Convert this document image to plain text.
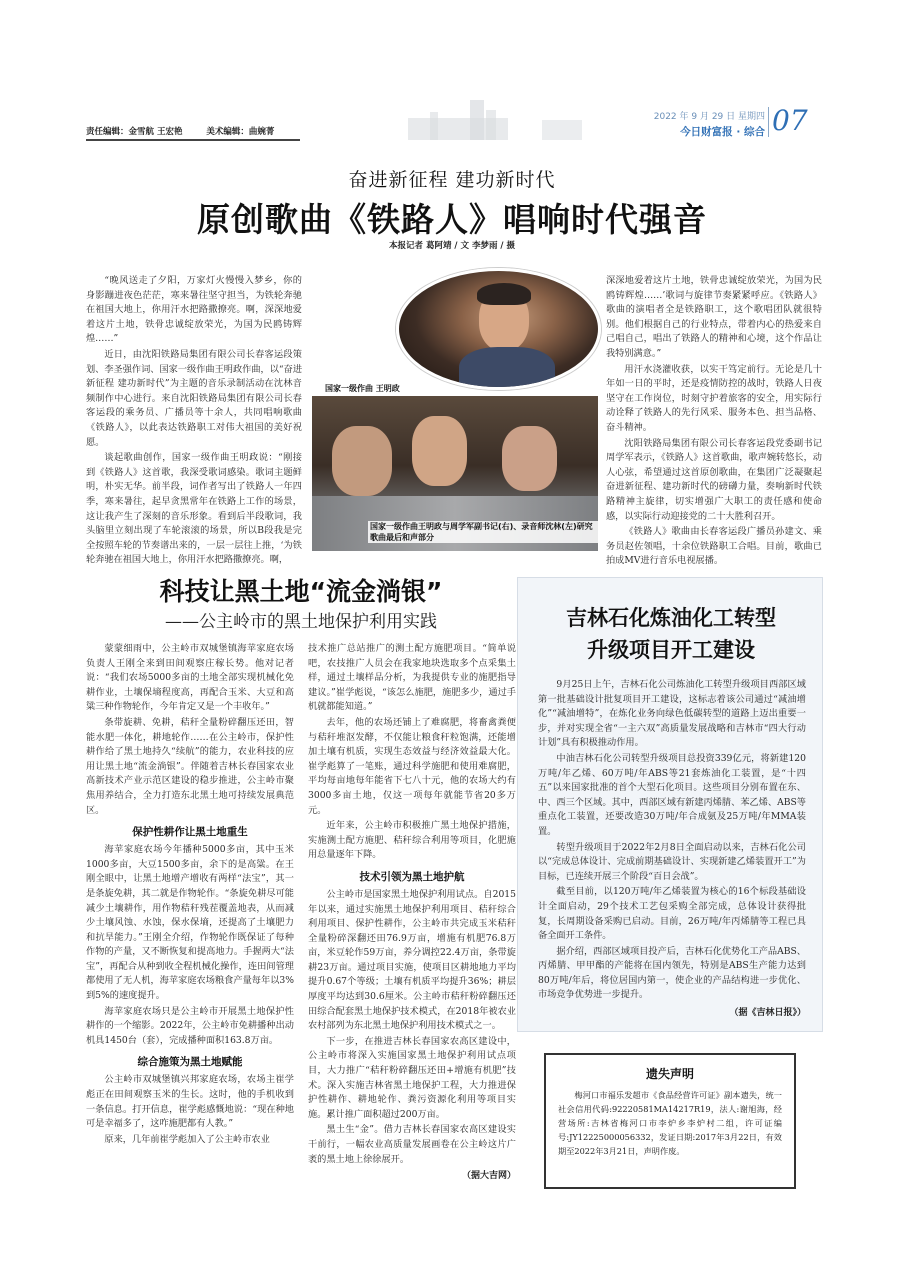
责任编辑：金雪航 王宏艳	美术编辑：曲婉菁
2022 年 9 月 29 日 星期四
今日财富报 · 综合 07
奋进新征程 建功新时代
原创歌曲《铁路人》唱响时代强音
本报记者 葛阿靖 / 文 李梦雨 / 摄

“晚风送走了夕阳，万家灯火慢慢入梦乡，你的身影蹦进夜色茫茫，寒来暑往坚守担当，为铁轮奔驰在祖国大地上，你用汗水把路撒撩亮。啊，深深地爱着这片土地，铁骨忠诚绽放荣光，为国为民鸥铸辉煌……”

近日，由沈阳铁路局集团有限公司长春客运段策划、李圣强作词、国家一级作曲王明政作曲，以“奋进新征程 建功新时代”为主题的音乐录制活动在沈林音频制作中心进行。来自沈阳铁路局集团有限公司长春客运段的乘务员、广播员等十余人，共同唱响歌曲《铁路人》，以此表达铁路职工对伟大祖国的美好祝愿。

谈起歌曲创作，国家一级作曲王明政说：“刚接到《铁路人》这首歌，我深受歌词感染。歌词主题鲜明，朴实无华。前半段，词作者写出了铁路人一年四季，寒来暑往，起早贪黑常年在铁路上工作的场景，这让我产生了深刻的音乐形象。看到后半段歌词，我头脑里立刻出现了车轮滚滚的场景，所以B段我是完全按照车轮的节奏谱出来的，一层一层往上推，‘为铁轮奔驰在祖国大地上，你用汗水把路撒撩亮。啊，

国家一级作曲 王明政
国家一级作曲王明政与周学军副书记(右)、录音师沈林(左)研究歌曲最后和声部分

深深地爱着这片土地，铁骨忠诚绽放荣光，为国为民鸥铸辉煌……’歌词与旋律节奏紧紧呼应。《铁路人》歌曲的演唱者全是铁路职工，这个歌唱团队就很特别。他们根据自己的行业特点，带着内心的热爱来自己唱自己，唱出了铁路人的精神和心境，这个作品让我特别满意。”

用汗水浇灌收获，以实干笃定前行。无论是几十年如一日的平时，还是疫情防控的战时，铁路人日夜坚守在工作岗位，时刻守护着旅客的安全，用实际行动诠释了铁路人的先行风采、服务本色、担当品格、奋斗精神。

沈阳铁路局集团有限公司长春客运段党委副书记周学军表示，《铁路人》这首歌曲，歌声婉转悠长，动人心弦，希望通过这首原创歌曲，在集团广泛凝聚起奋进新征程、建功新时代的磅礴力量，奏响新时代铁路精神主旋律，切实增强广大职工的责任感和使命感，以实际行动迎接党的二十大胜利召开。

《铁路人》歌曲由长春客运段广播员孙建文、乘务员赵佐领唱，十余位铁路职工合唱。目前，歌曲已拍成MV进行音乐电视展播。

科技让黑土地“流金淌银”
——公主岭市的黑土地保护利用实践

蒙蒙细雨中，公主岭市双城堡镇海苹家庭农场负责人王刚全来到田间观察庄稼长势。他对记者说：“我们农场5000多亩的土地全部实现机械化免耕作业，土壤保墒程度高，再配合玉米、大豆和高粱三种作物轮作，今年肯定又是一个丰收年。”

条带旋耕、免耕，秸秆全量粉碎翻压还田，智能水肥一体化，耕地轮作……在公主岭市，保护性耕作给了黑土地持久“续航”的能力，农业科技的应用让黑土地“流金淌银”。伴随着吉林长春国家农业高新技术产业示范区建设的稳步推进，公主岭市聚焦用养结合，全力打造东北黑土地可持续发展典范区。

保护性耕作让黑土地重生

海苹家庭农场今年播种5000多亩，其中玉米1000多亩，大豆1500多亩，余下的是高粱。在王刚全眼中，让黑土地增产增收有两样“法宝”，其一是条旋免耕，其二就是作物轮作。“条旋免耕尽可能减少土壤耕作，用作物秸秆残茬覆盖地表，从而减少土壤风蚀、水蚀，保水保墒，还提高了土壤肥力和抗旱能力。”王刚全介绍，作物轮作既保证了每种作物的产量，又不断恢复和提高地力。手握两大“法宝”，再配合从种到收全程机械化操作，连田间管理都使用了无人机，海苹家庭农场粮食产量每年以3%到5%的速度提升。

海苹家庭农场只是公主岭市开展黑土地保护性耕作的一个缩影。2022年，公主岭市免耕播种出动机具1450台（套），完成播种面积163.8万亩。

综合施策为黑土地赋能

公主岭市双城堡镇兴邦家庭农场，农场主崔学彪正在田间观察玉米的生长。这时，他的手机收到一条信息。打开信息，崔学彪感慨地说：“现在种地可是幸福多了，这咋施肥都有人教。”

原来，几年前崔学彪加入了公主岭市农业

技术推广总站推广的测土配方施肥项目。“简单说吧，农技推广人员会在我家地块选取多个点采集土样，通过土壤样品分析，为我提供专业的施肥指导建议。”崔学彪说，“该怎么施肥，施肥多少，通过手机就都能知道。”

去年，他的农场还铺上了难腐肥，将畜禽粪便与秸秆堆沤发酵，不仅能让粮食秆粒饱满，还能增加土壤有机质，实现生态效益与经济效益最大化。崔学彪算了一笔账，通过科学施肥和使用难腐肥，平均每亩地每年能省下七八十元，他的农场大约有3000多亩土地，仅这一项每年就能节省20多万元。

近年来，公主岭市积极推广黑土地保护措施，实施测土配方施肥、秸秆综合利用等项目，化肥施用总量逐年下降。

技术引领为黑土地护航

公主岭市是国家黑土地保护利用试点。自2015年以来，通过实施黑土地保护利用项目、秸秆综合利用项目、保护性耕作，公主岭市共完成玉米秸秆全量粉碎深翻还田76.9万亩，增施有机肥76.8万亩，米豆轮作59万亩，养分调控22.4万亩，条带旋耕23万亩。通过项目实施，使项目区耕地地力平均提升0.67个等级；土壤有机质平均提升36%；耕层厚度平均达到30.6厘米。公主岭市秸秆粉碎翻压还田综合配套黑土地保护技术模式，在2018年被农业农村部列为东北黑土地保护利用技术模式之一。

下一步，在推进吉林长春国家农高区建设中，公主岭市将深入实施国家黑土地保护利用试点项目，大力推广“秸秆粉碎翻压还田+增施有机肥”技术。深入实施吉林省黑土地保护工程，大力推进保护性耕作、耕地轮作、粪污资源化利用等项目实施。累计推广面积超过200万亩。

黑土生“金”。借力吉林长春国家农高区建设实干前行，一幅农业高质量发展画卷在公主岭这片广袤的黑土地上徐徐展开。

（据大吉网）
吉林石化炼油化工转型
升级项目开工建设

9月25日上午，吉林石化公司炼油化工转型升级项目西部区域第一批基础设计批复项目开工建设，这标志着该公司通过“减油增化”“减油增特”，在炼化业务向绿色低碳转型的道路上迈出重要一步，并对实现全省“一主六双”高质量发展战略和吉林市“四大行动计划”具有积极推动作用。

中油吉林石化公司转型升级项目总投资339亿元，将新建120万吨/年乙烯、60万吨/年ABS等21套炼油化工装置，是“十四五”以来国家批准的首个大型石化项目。这些项目分别布置在东、中、西三个区域。其中，西部区域有新建丙烯腈、苯乙烯、ABS等重点化工装置，还要改造30万吨/年合成氨及25万吨/年MMA装置。

转型升级项目于2022年2月8日全面启动以来，吉林石化公司以“完成总体设计、完成前期基础设计、实现新建乙烯装置开工”为目标，已连续开展三个阶段“百日会战”。

截至目前，以120万吨/年乙烯装置为核心的16个标段基础设计全面启动，29个技术工艺包采购全部完成，总体设计获得批复，长周期设备采购已启动。目前，26万吨/年丙烯腈等工程已具备全面开工条件。

据介绍，西部区域项目投产后，吉林石化优势化工产品ABS、丙烯腈、甲甲酯的产能将在国内领先，特别是ABS生产能力达到80万吨/年后，将位居国内第一，使企业的产品结构进一步优化、市场竞争优势进一步提升。

（据《吉林日报》）
遗失声明

梅河口市福乐发超市《食品经营许可证》副本遗失，统一社会信用代码:92220581MA14217R19，法人:谢旭海，经营场所:吉林省梅河口市李炉乡李炉村二组，许可证编号:JY12225000056332，发证日期:2017年3月22日，有效期至2022年3月21日，声明作废。
